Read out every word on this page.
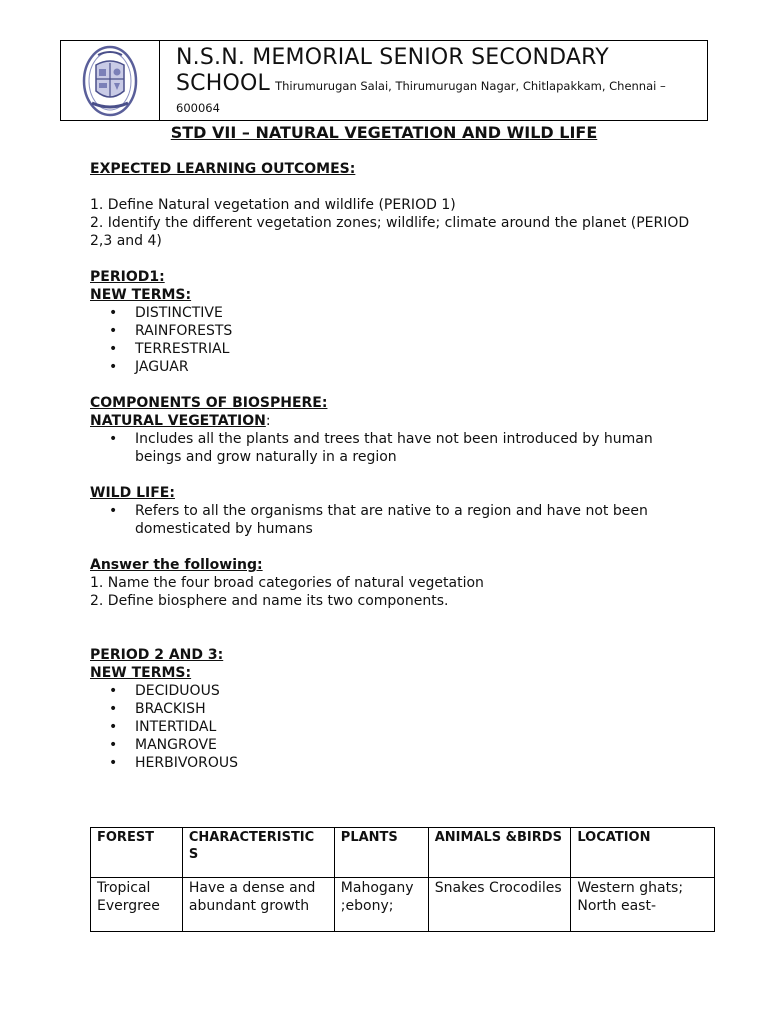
N.S.N. MEMORIAL SENIOR SECONDARY
SCHOOL Thirumurugan Salai, Thirumurugan Nagar, Chitlapakkam, Chennai – 600064
STD VII – NATURAL VEGETATION AND WILD LIFE
EXPECTED LEARNING OUTCOMES:
1. Define Natural vegetation and wildlife (PERIOD 1)
2. Identify the different vegetation zones; wildlife; climate around the planet (PERIOD 2,3 and 4)
PERIOD1:
NEW TERMS:
• DISTINCTIVE
• RAINFORESTS
• TERRESTRIAL
• JAGUAR
COMPONENTS OF BIOSPHERE:
NATURAL VEGETATION:
• Includes all the plants and trees that have not been introduced by human beings and grow naturally in a region
WILD LIFE:
• Refers to all the organisms that are native to a region and have not been domesticated by humans
Answer the following:
1. Name the four broad categories of natural vegetation
2. Define biosphere and name its two components.
PERIOD 2 AND 3:
NEW TERMS:
• DECIDUOUS
• BRACKISH
• INTERTIDAL
• MANGROVE
• HERBIVOROUS
FOREST	CHARACTERISTIC S	PLANTS	ANIMALS &BIRDS	LOCATION
Tropical Evergree	Have a dense and abundant growth	Mahogany ;ebony;	Snakes Crocodiles	Western ghats; North east-
